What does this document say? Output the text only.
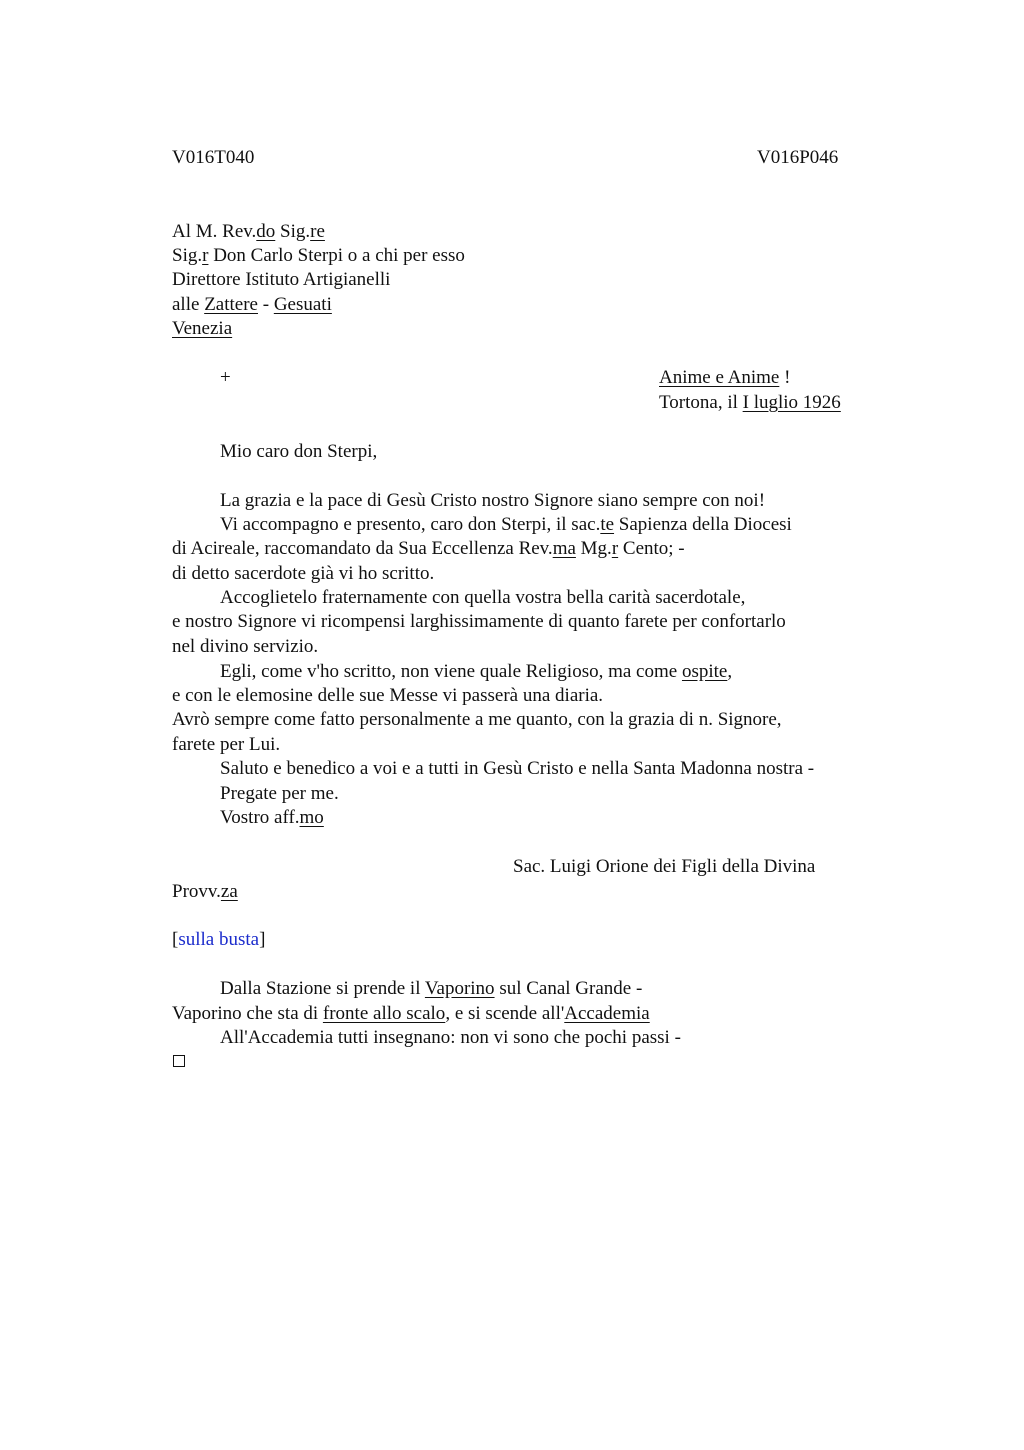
V016T040	V016P046
Al M. Rev.do Sig.re
Sig.r Don Carlo Sterpi o a chi per esso
Direttore Istituto Artigianelli
alle Zattere - Gesuati
Venezia
+	Anime e Anime !
Tortona, il I luglio 1926
Mio caro don Sterpi,
La grazia e la pace di Gesù Cristo nostro Signore siano sempre con noi!
Vi accompagno e presento, caro don Sterpi, il sac.te Sapienza della Diocesi
di Acireale, raccomandato da Sua Eccellenza Rev.ma Mg.r Cento; -
di detto sacerdote già vi ho scritto.
Accoglietelo fraternamente con quella vostra bella carità sacerdotale,
e nostro Signore vi ricompensi larghissimamente di quanto farete per confortarlo
nel divino servizio.
Egli, come v'ho scritto, non viene quale Religioso, ma come ospite,
e con le elemosine delle sue Messe vi passerà una diaria.
Avrò sempre come fatto personalmente a me quanto, con la grazia di n. Signore,
farete per Lui.
Saluto e benedico a voi e a tutti in Gesù Cristo e nella Santa Madonna nostra -
Pregate per me.
Vostro aff.mo
Sac. Luigi Orione dei Figli della Divina
Provv.za
[sulla busta]
Dalla Stazione si prende il Vaporino sul Canal Grande -
Vaporino che sta di fronte allo scalo, e si scende all'Accademia
All'Accademia tutti insegnano: non vi sono che pochi passi -
